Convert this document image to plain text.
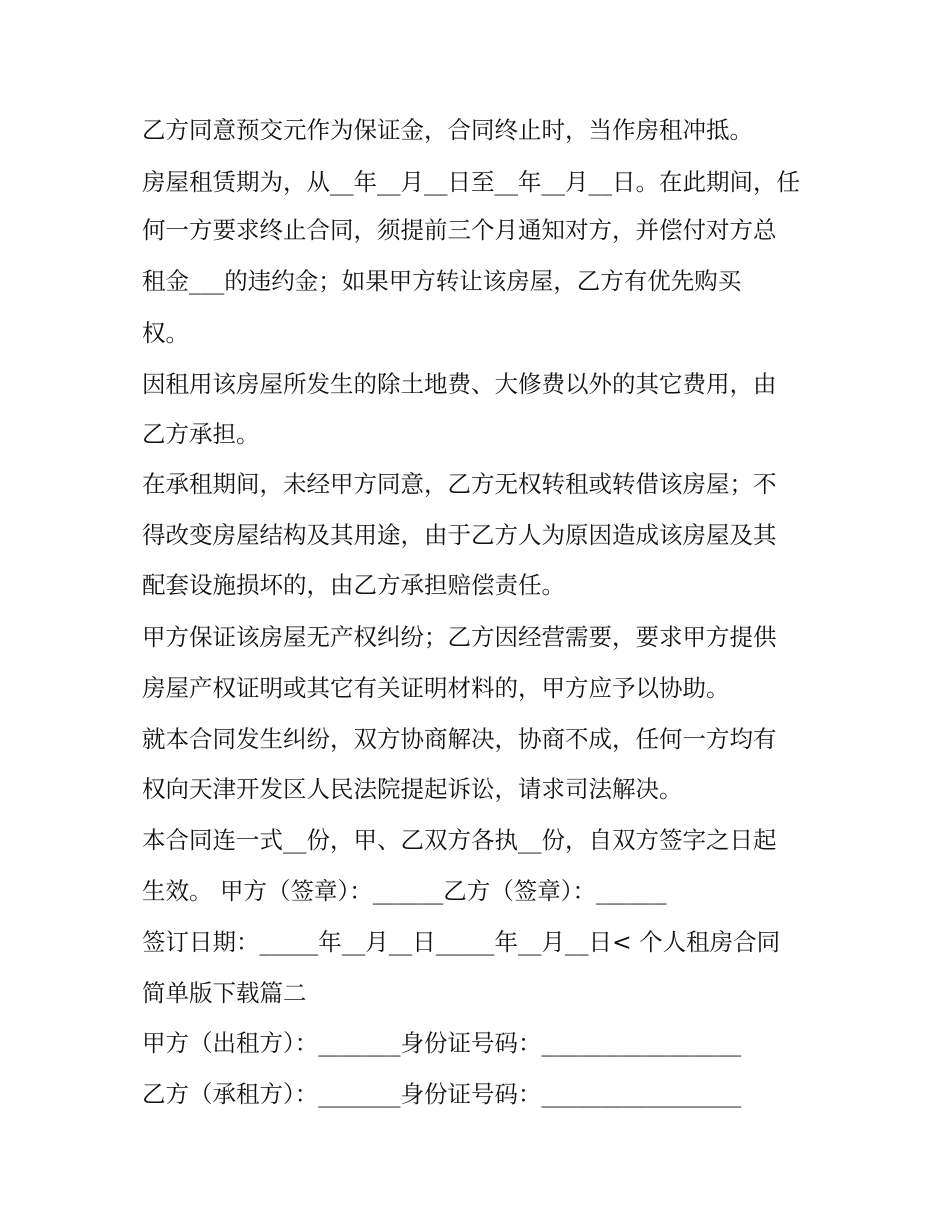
乙方同意预交元作为保证金，合同终止时，当作房租冲抵。

房屋租赁期为，从__年__月__日至__年__月__日。在此期间，任

何一方要求终止合同，须提前三个月通知对方，并偿付对方总

租金___的违约金；如果甲方转让该房屋，乙方有优先购买

权。

因租用该房屋所发生的除土地费、大修费以外的其它费用，由

乙方承担。

在承租期间，未经甲方同意，乙方无权转租或转借该房屋；不

得改变房屋结构及其用途，由于乙方人为原因造成该房屋及其

配套设施损坏的，由乙方承担赔偿责任。

甲方保证该房屋无产权纠纷；乙方因经营需要，要求甲方提供

房屋产权证明或其它有关证明材料的，甲方应予以协助。

就本合同发生纠纷，双方协商解决，协商不成，任何一方均有

权向天津开发区人民法院提起诉讼，请求司法解决。

本合同连一式__份，甲、乙双方各执__份，自双方签字之日起

生效。 甲方（签章）：______乙方（签章）：______

签订日期：_____年__月__日_____年__月__日< 个人租房合同

简单版下载篇二

甲方（出租方）：_______身份证号码：_________________

乙方（承租方）：_______身份证号码：_________________
